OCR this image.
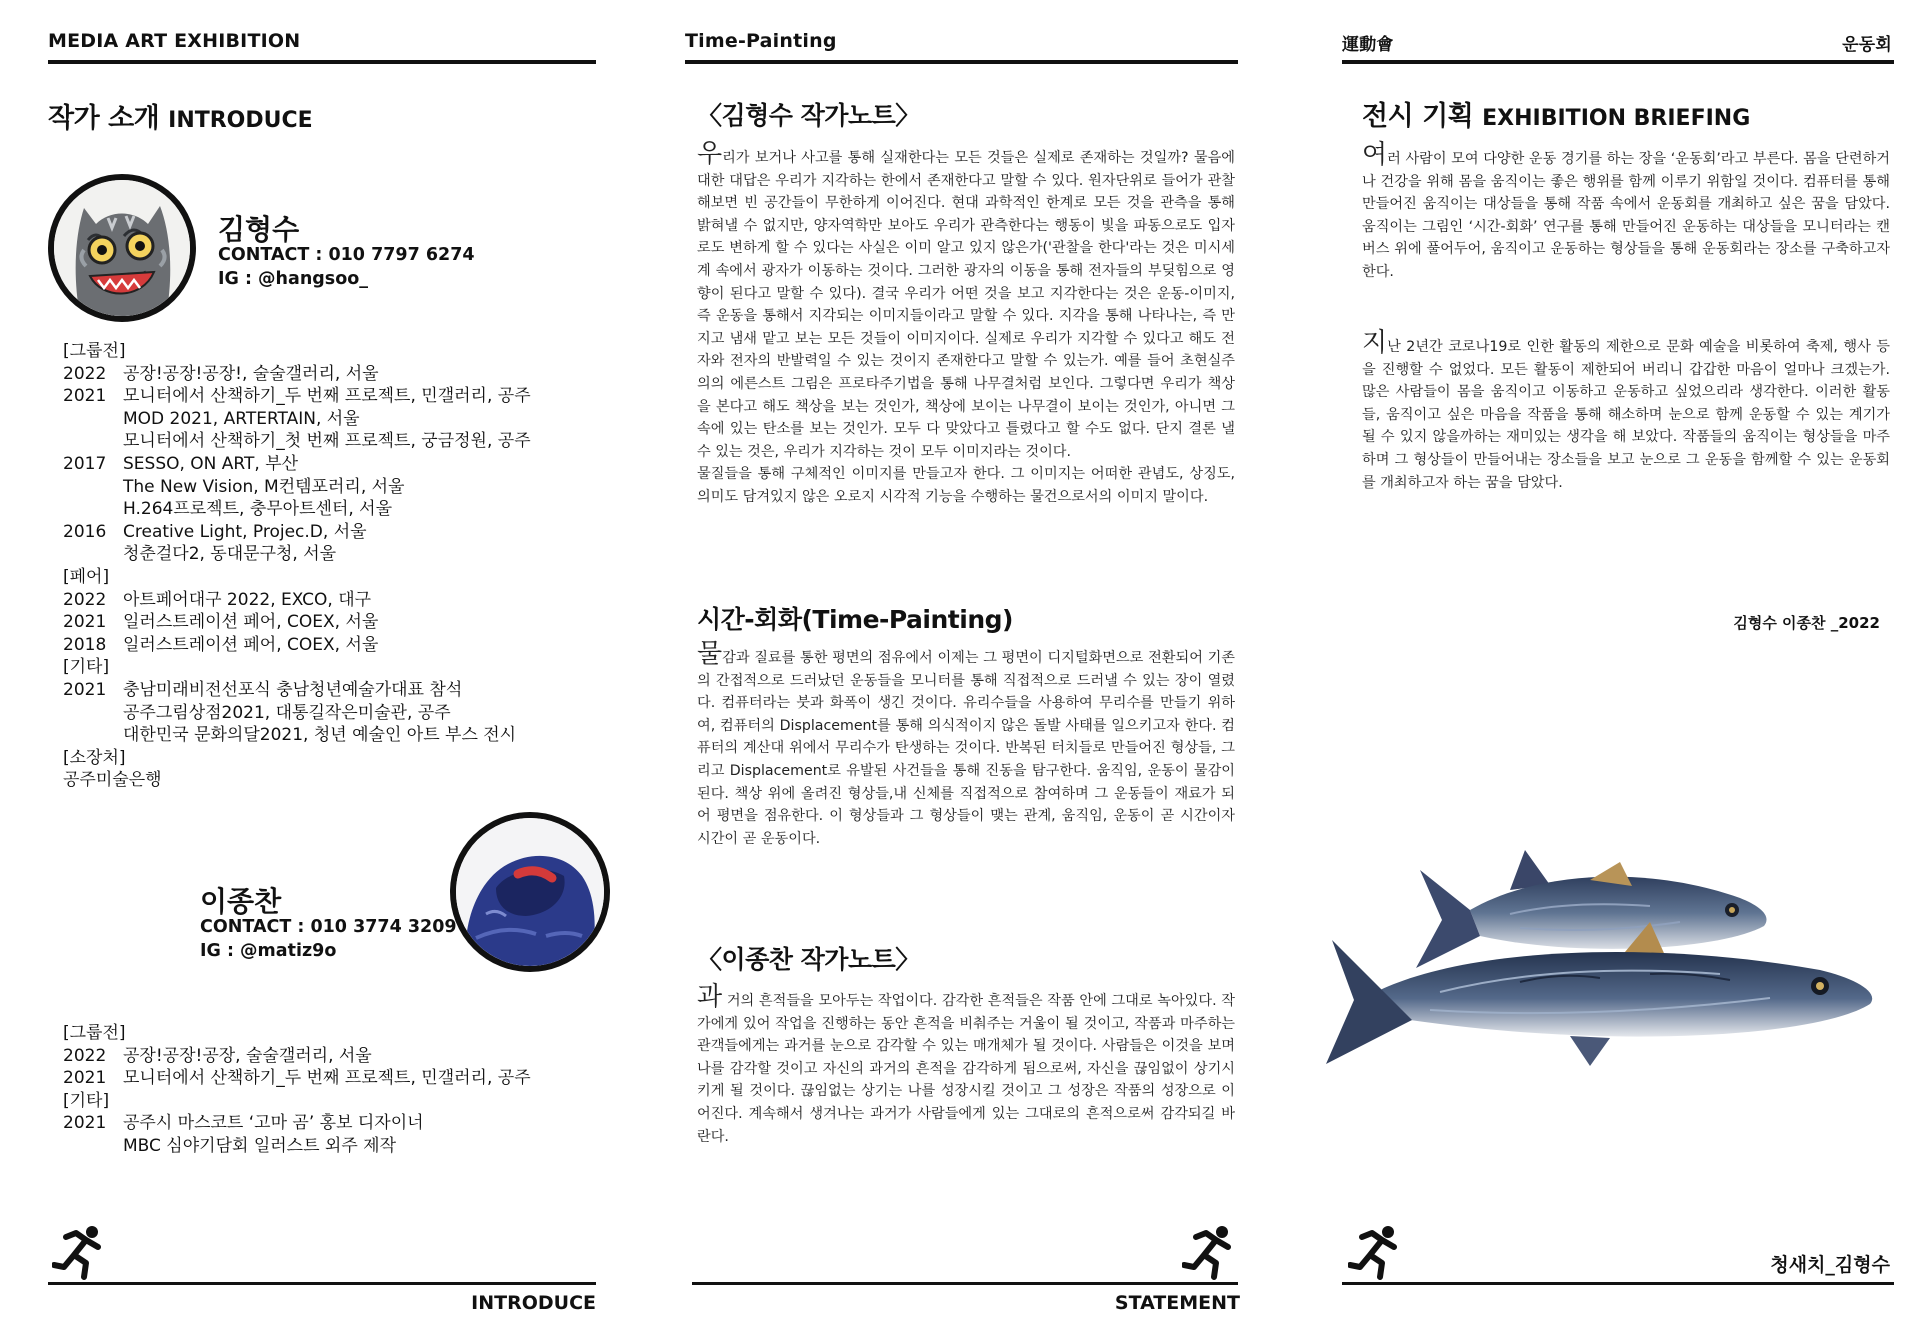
MEDIA ART EXHIBITION
작가 소개 INTRODUCE
김형수
CONTACT : 010 7797 6274
IG : @hangsoo_
[그룹전]
2022 공장!공장!공장!, 술술갤러리, 서울
2021 모니터에서 산책하기_두 번째 프로젝트, 민갤러리, 공주
MOD 2021, ARTERTAIN, 서울
모니터에서 산책하기_첫 번째 프로젝트, 궁금정원, 공주
2017 SESSO, ON ART, 부산
The New Vision, M컨템포러리, 서울
H.264프로젝트, 충무아트센터, 서울
2016 Creative Light, Projec.D, 서울
청춘걸다2, 동대문구청, 서울
[페어]
2022 아트페어대구 2022, EXCO, 대구
2021 일러스트레이션 페어, COEX, 서울
2018 일러스트레이션 페어, COEX, 서울
[기타]
2021 충남미래비전선포식 충남청년예술가대표 참석
공주그림상점2021, 대통길작은미술관, 공주
대한민국 문화의달2021, 청년 예술인 아트 부스 전시
[소장처]
공주미술은행
이종찬
CONTACT : 010 3774 3209
IG : @matiz9o
[그룹전]
2022 공장!공장!공장, 술술갤러리, 서울
2021 모니터에서 산책하기_두 번째 프로젝트, 민갤러리, 공주
[기타]
2021 공주시 마스코트 ‘고마 곰’ 홍보 디자이너
MBC 심야기담회 일러스트 외주 제작
INTRODUCE
Time-Painting
〈김형수 작가노트〉

우리가 보거나 사고를 통해 실재한다는 모든 것들은 실제로 존재하는 것일까? 물음에 대한 대답은 우리가 지각하는 한에서 존재한다고 말할 수 있다. 원자단위로 들어가 관찰해보면 빈 공간들이 무한하게 이어진다. 현대 과학적인 한계로 모든 것을 관측을 통해 밝혀낼 수 없지만, 양자역학만 보아도 우리가 관측한다는 행동이 빛을 파동으로도 입자로도 변하게 할 수 있다는 사실은 이미 알고 있지 않은가('관찰을 한다'라는 것은 미시세계 속에서 광자가 이동하는 것이다. 그러한 광자의 이동을 통해 전자들의 부딪힘으로 영향이 된다고 말할 수 있다). 결국 우리가 어떤 것을 보고 지각한다는 것은 운동-이미지, 즉 운동을 통해서 지각되는 이미지들이라고 말할 수 있다. 지각을 통해 나타나는, 즉 만지고 냄새 맡고 보는 모든 것들이 이미지이다. 실제로 우리가 지각할 수 있다고 해도 전자와 전자의 반발력일 수 있는 것이지 존재한다고 말할 수 있는가. 예를 들어 초현실주의의 에른스트 그림은 프로타주기법을 통해 나무결처럼 보인다. 그렇다면 우리가 책상을 본다고 해도 책상을 보는 것인가, 책상에 보이는 나무결이 보이는 것인가, 아니면 그 속에 있는 탄소를 보는 것인가. 모두 다 맞았다고 틀렸다고 할 수도 없다. 단지 결론 낼 수 있는 것은, 우리가 지각하는 것이 모두 이미지라는 것이다.

물질들을 통해 구체적인 이미지를 만들고자 한다. 그 이미지는 어떠한 관념도, 상징도, 의미도 담겨있지 않은 오로지 시각적 기능을 수행하는 물건으로서의 이미지 말이다.

시간-회화(Time-Painting)

물감과 질료를 통한 평면의 점유에서 이제는 그 평면이 디지털화면으로 전환되어 기존의 간접적으로 드러났던 운동들을 모니터를 통해 직접적으로 드러낼 수 있는 장이 열렸다. 컴퓨터라는 붓과 화폭이 생긴 것이다. 유리수들을 사용하여 무리수를 만들기 위하여, 컴퓨터의 Displacement를 통해 의식적이지 않은 돌발 사태를 일으키고자 한다. 컴퓨터의 계산대 위에서 무리수가 탄생하는 것이다. 반복된 터치들로 만들어진 형상들, 그리고 Displacement로 유발된 사건들을 통해 진동을 탐구한다. 움직임, 운동이 물감이 된다. 책상 위에 올려진 형상들,내 신체를 직접적으로 참여하며 그 운동들이 재료가 되어 평면을 점유한다. 이 형상들과 그 형상들이 맺는 관계, 움직임, 운동이 곧 시간이자 시간이 곧 운동이다.

〈이종찬 작가노트〉

과 거의 흔적들을 모아두는 작업이다. 감각한 흔적들은 작품 안에 그대로 녹아있다. 작가에게 있어 작업을 진행하는 동안 흔적을 비춰주는 거울이 될 것이고, 작품과 마주하는 관객들에게는 과거를 눈으로 감각할 수 있는 매개체가 될 것이다. 사람들은 이것을 보며 나를 감각할 것이고 자신의 과거의 흔적을 감각하게 됨으로써, 자신을 끊임없이 상기시키게 될 것이다. 끊임없는 상기는 나를 성장시킬 것이고 그 성장은 작품의 성장으로 이어진다. 계속해서 생겨나는 과거가 사람들에게 있는 그대로의 흔적으로써 감각되길 바란다.

STATEMENT
運動會	운동회
전시 기획 EXHIBITION BRIEFING

여러 사람이 모여 다양한 운동 경기를 하는 장을 ‘운동회’라고 부른다. 몸을 단련하거나 건강을 위해 몸을 움직이는 좋은 행위를 함께 이루기 위함일 것이다. 컴퓨터를 통해 만들어진 움직이는 대상들을 통해 작품 속에서 운동회를 개최하고 싶은 꿈을 담았다. 움직이는 그림인 ‘시간-회화’ 연구를 통해 만들어진 운동하는 대상들을 모니터라는 캔버스 위에 풀어두어, 움직이고 운동하는 형상들을 통해 운동회라는 장소를 구축하고자 한다.

지난 2년간 코로나19로 인한 활동의 제한으로 문화 예술을 비롯하여 축제, 행사 등을 진행할 수 없었다. 모든 활동이 제한되어 버리니 갑갑한 마음이 얼마나 크겠는가. 많은 사람들이 몸을 움직이고 이동하고 운동하고 싶었으리라 생각한다. 이러한 활동들, 움직이고 싶은 마음을 작품을 통해 해소하며 눈으로 함께 운동할 수 있는 계기가 될 수 있지 않을까하는 재미있는 생각을 해 보았다. 작품들의 움직이는 형상들을 마주하며 그 형상들이 만들어내는 장소들을 보고 눈으로 그 운동을 함께할 수 있는 운동회를 개최하고자 하는 꿈을 담았다.

김형수 이종찬 _2022
청새치_김형수
